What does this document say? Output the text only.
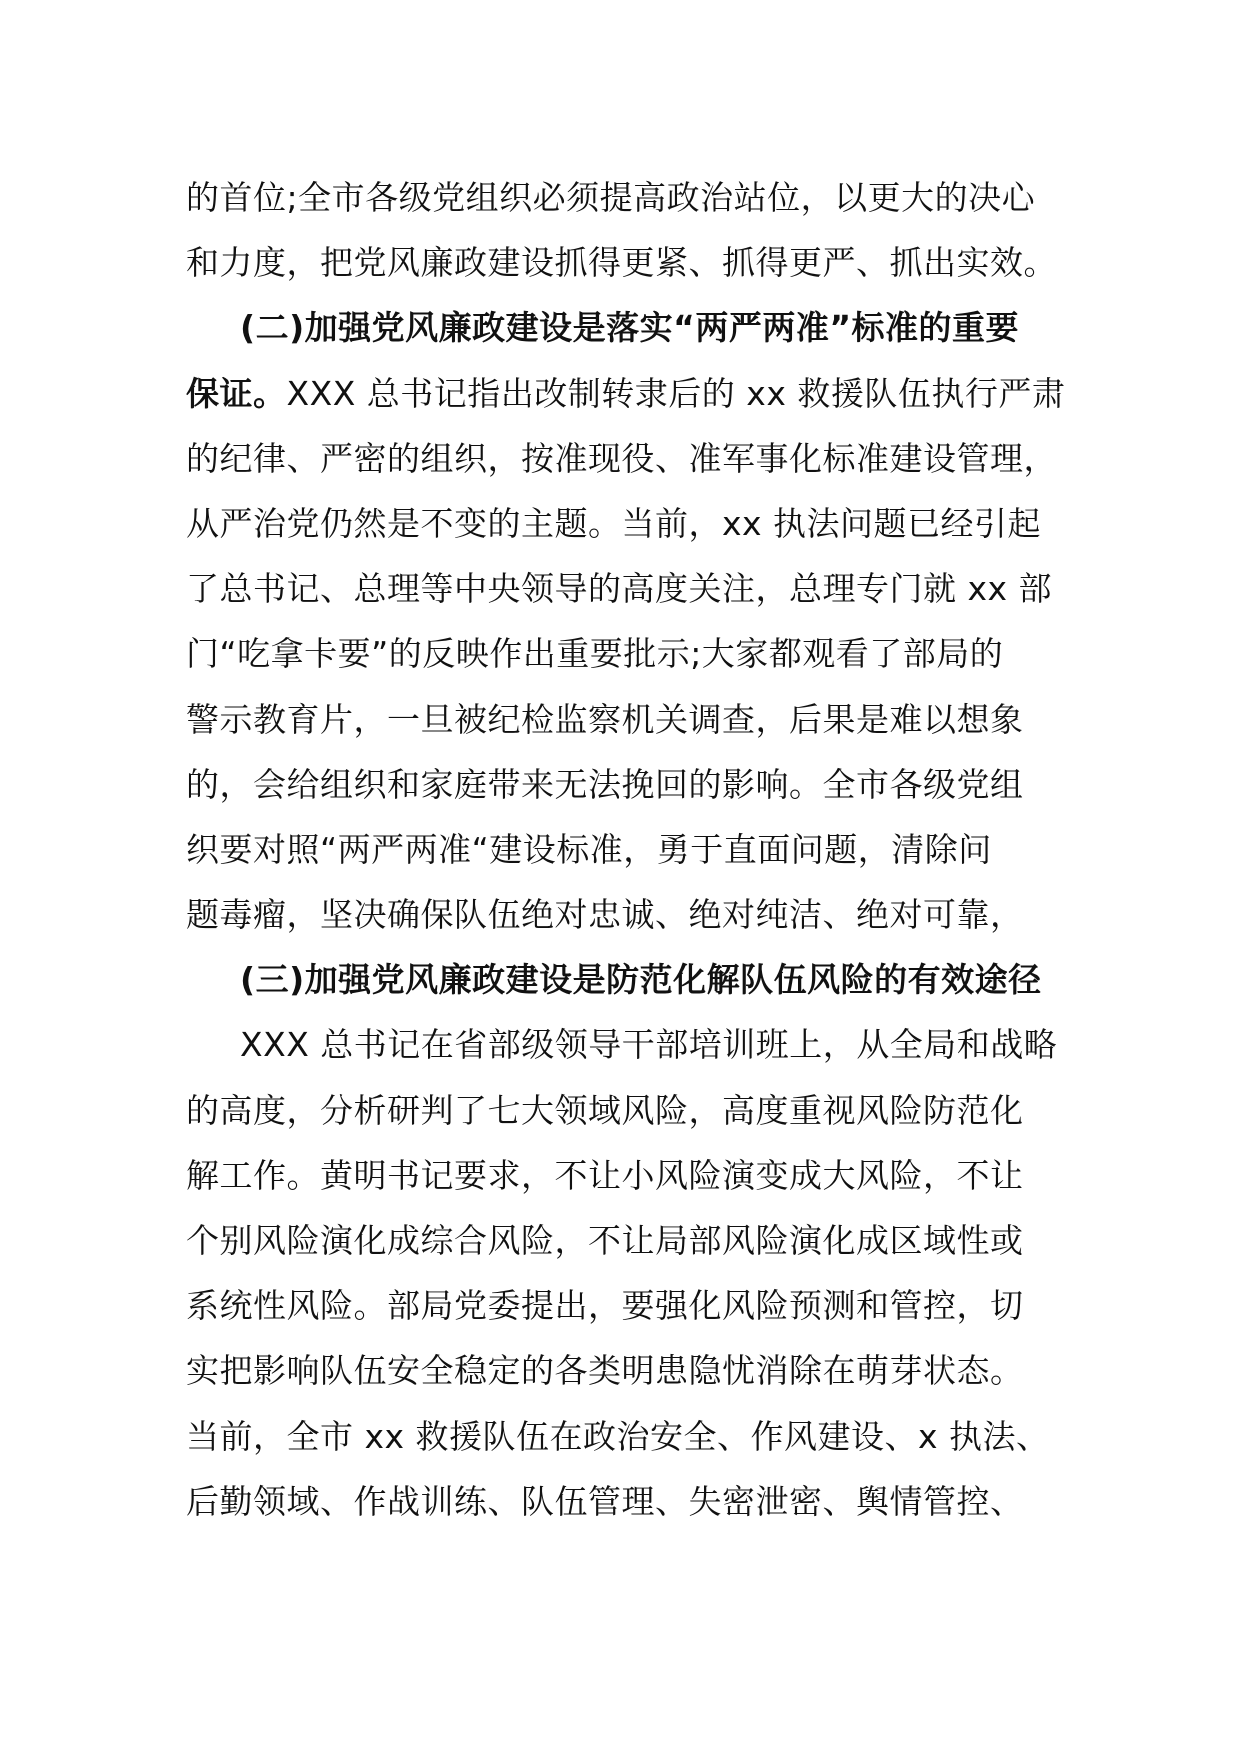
的首位;全市各级党组织必须提高政治站位，以更大的决心
和力度，把党风廉政建设抓得更紧、抓得更严、抓出实效。
(二)加强党风廉政建设是落实“两严两准”标准的重要
保证。XXX 总书记指出改制转隶后的 xx 救援队伍执行严肃
的纪律、严密的组织，按准现役、准军事化标准建设管理，
从严治党仍然是不变的主题。当前，xx 执法问题已经引起
了总书记、总理等中央领导的高度关注，总理专门就 xx 部
门“吃拿卡要”的反映作出重要批示;大家都观看了部局的
警示教育片，一旦被纪检监察机关调查，后果是难以想象
的，会给组织和家庭带来无法挽回的影响。全市各级党组
织要对照“两严两准“建设标准，勇于直面问题，清除问
题毒瘤，坚决确保队伍绝对忠诚、绝对纯洁、绝对可靠，
(三)加强党风廉政建设是防范化解队伍风险的有效途径
XXX 总书记在省部级领导干部培训班上，从全局和战略
的高度，分析研判了七大领域风险，高度重视风险防范化
解工作。黄明书记要求，不让小风险演变成大风险，不让
个别风险演化成综合风险，不让局部风险演化成区域性或
系统性风险。部局党委提出，要强化风险预测和管控，切
实把影响队伍安全稳定的各类明患隐忧消除在萌芽状态。
当前，全市 xx 救援队伍在政治安全、作风建设、x 执法、
后勤领域、作战训练、队伍管理、失密泄密、舆情管控、
